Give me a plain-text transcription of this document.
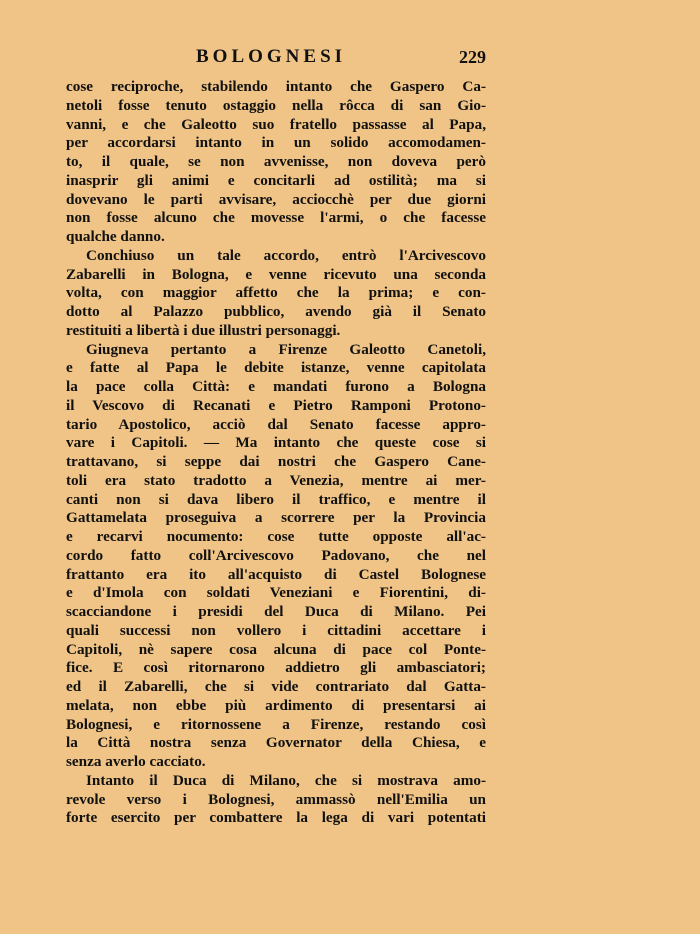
BOLOGNESI	229
cose reciproche, stabilendo intanto che Gaspero Ca-
netoli fosse tenuto ostaggio nella rôcca di san Gio-
vanni, e che Galeotto suo fratello passasse al Papa,
per accordarsi intanto in un solido accomodamen-
to, il quale, se non avvenisse, non doveva però
inasprir gli animi e concitarli ad ostilità; ma si
dovevano le parti avvisare, acciocchè per due giorni
non fosse alcuno che movesse l'armi, o che facesse
qualche danno.
Conchiuso un tale accordo, entrò l'Arcivescovo
Zabarelli in Bologna, e venne ricevuto una seconda
volta, con maggior affetto che la prima; e con-
dotto al Palazzo pubblico, avendo già il Senato
restituiti a libertà i due illustri personaggi.
Giugneva pertanto a Firenze Galeotto Canetoli,
e fatte al Papa le debite istanze, venne capitolata
la pace colla Città: e mandati furono a Bologna
il Vescovo di Recanati e Pietro Ramponi Protono-
tario Apostolico, acciò dal Senato facesse appro-
vare i Capitoli. — Ma intanto che queste cose si
trattavano, si seppe dai nostri che Gaspero Cane-
toli era stato tradotto a Venezia, mentre ai mer-
canti non si dava libero il traffico, e mentre il
Gattamelata proseguiva a scorrere per la Provincia
e recarvi nocumento: cose tutte opposte all'ac-
cordo fatto coll'Arcivescovo Padovano, che nel
frattanto era ito all'acquisto di Castel Bolognese
e d'Imola con soldati Veneziani e Fiorentini, di-
scacciandone i presidi del Duca di Milano. Pei
quali successi non vollero i cittadini accettare i
Capitoli, nè sapere cosa alcuna di pace col Ponte-
fice. E così ritornarono addietro gli ambasciatori;
ed il Zabarelli, che si vide contrariato dal Gatta-
melata, non ebbe più ardimento di presentarsi ai
Bolognesi, e ritornossene a Firenze, restando così
la Città nostra senza Governator della Chiesa, e
senza averlo cacciato.
Intanto il Duca di Milano, che si mostrava amo-
revole verso i Bolognesi, ammassò nell'Emilia un
forte esercito per combattere la lega di vari potentati
